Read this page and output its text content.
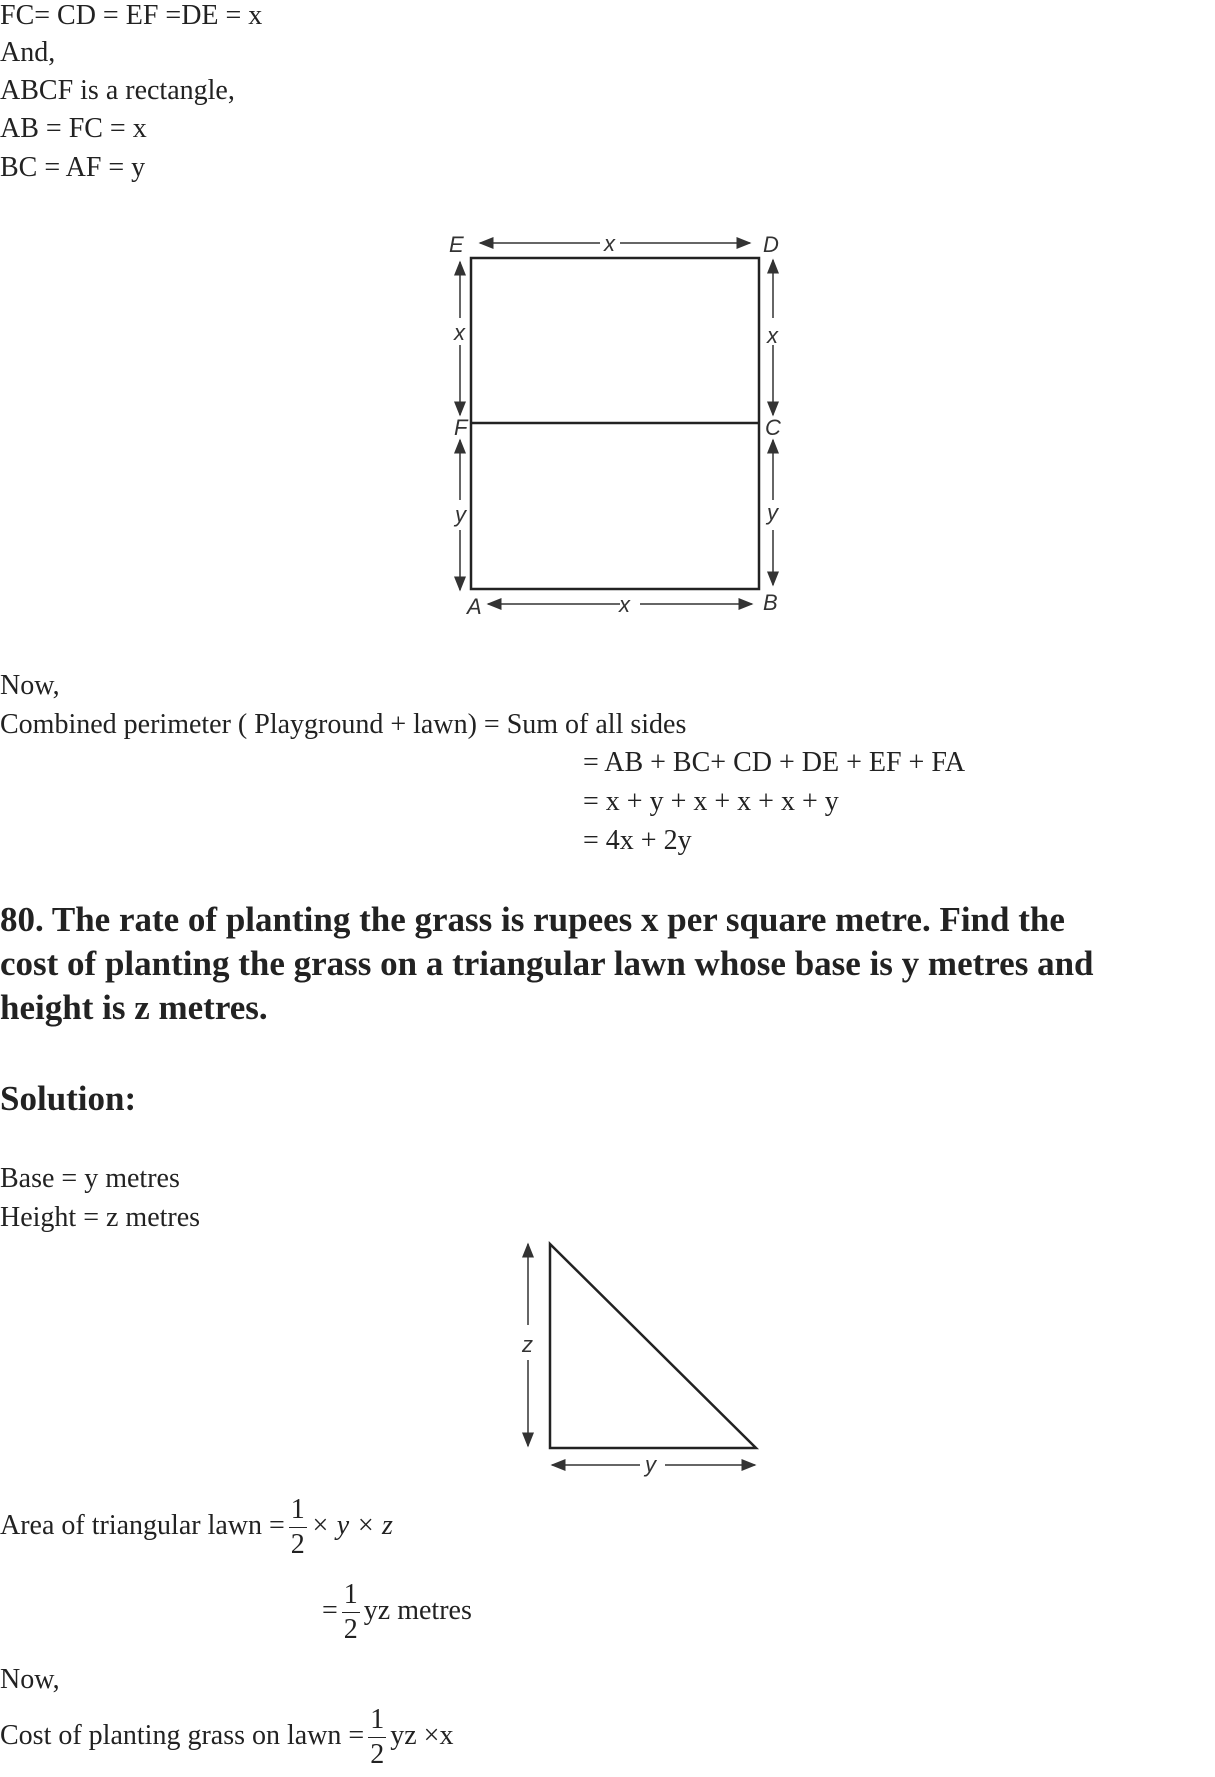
FC= CD = EF =DE = x
And,
ABCF is a rectangle,
AB = FC = x
BC = AF = y
E	D
C
F
A	B
x
x	x
y	y
x
z
y
Now,
Combined perimeter ( Playground + lawn) = Sum of all sides
= AB + BC+ CD + DE + EF + FA
= x + y + x + x + x + y
= 4x + 2y
80. The rate of planting the grass is rupees x per square metre. Find the
cost of planting the grass on a triangular lawn whose base is y metres and
height is z metres.
Solution:
Base = y metres
Height = z metres
Area of triangular lawn = $\frac{1}{2} \times y \times z$
= $\frac{1}{2}$ yz metres
Now,
Cost of planting grass on lawn = $\frac{1}{2}$ yz ×x
